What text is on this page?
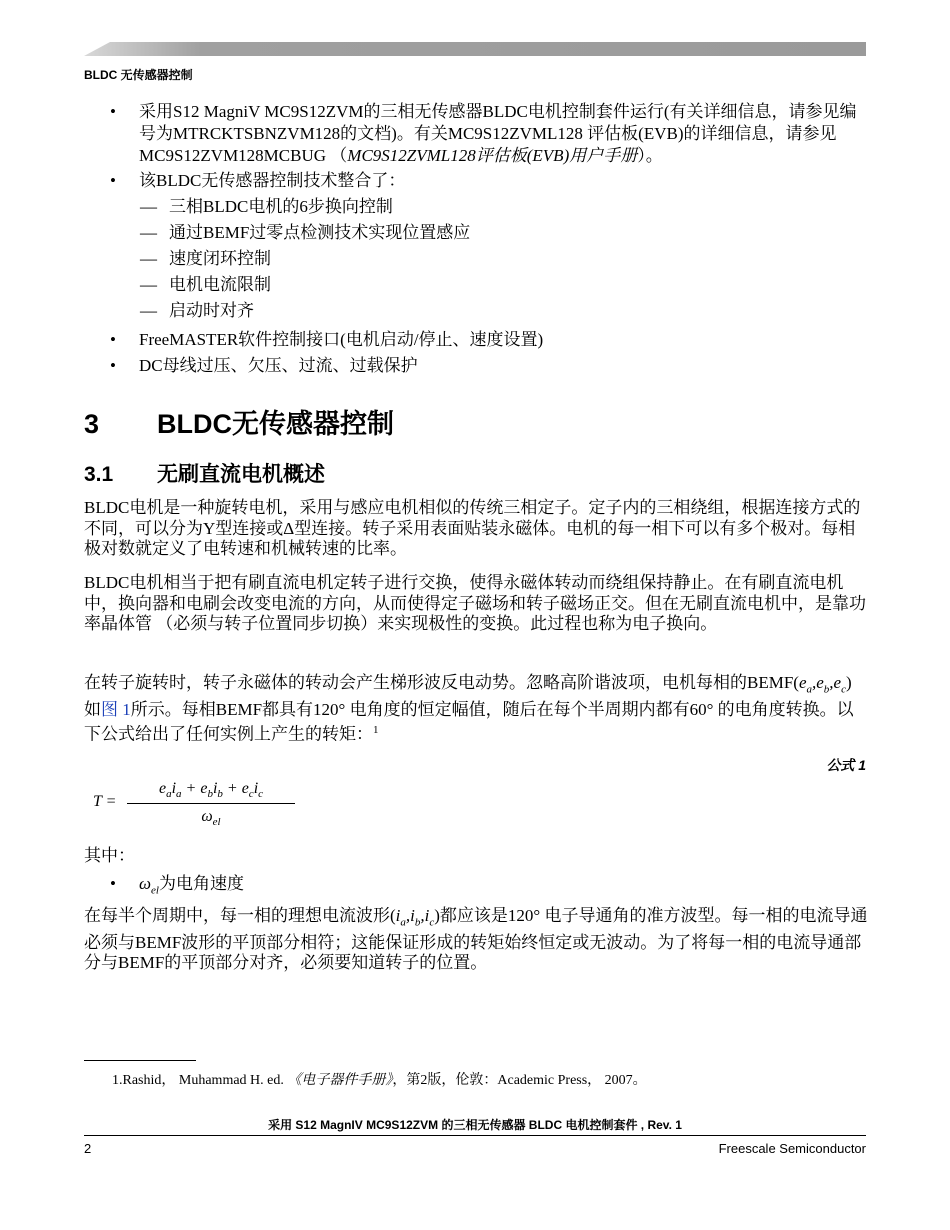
BLDC 无传感器控制
• 采用S12 MagniV MC9S12ZVM的三相无传感器BLDC电机控制套件运行(有关详细信息，请参见编号为MTRCKTSBNZVM128的文档)。有关MC9S12ZVML128 评估板(EVB)的详细信息，请参见MC9S12ZVM128MCBUG （MC9S12ZVML128评估板(EVB)用户手册）。
• 该BLDC无传感器控制技术整合了：
— 三相BLDC电机的6步换向控制
— 通过BEMF过零点检测技术实现位置感应
— 速度闭环控制
— 电机电流限制
— 启动时对齐
• FreeMASTER软件控制接口(电机启动/停止、速度设置)
• DC母线过压、欠压、过流、过载保护
3 BLDC无传感器控制
3.1 无刷直流电机概述

BLDC电机是一种旋转电机，采用与感应电机相似的传统三相定子。定子内的三相绕组，根据连接方式的不同，可以分为Y型连接或Δ型连接。转子采用表面贴装永磁体。电机的每一相下可以有多个极对。每相极对数就定义了电转速和机械转速的比率。

BLDC电机相当于把有刷直流电机定转子进行交换，使得永磁体转动而绕组保持静止。在有刷直流电机中，换向器和电刷会改变电流的方向，从而使得定子磁场和转子磁场正交。但在无刷直流电机中，是靠功率晶体管 （必须与转子位置同步切换）来实现极性的变换。此过程也称为电子换向。

在转子旋转时，转子永磁体的转动会产生梯形波反电动势。忽略高阶谐波项，电机每相的$BEMF(e_a,e_b,e_c)$如图 1所示。每相BEMF都具有120° 电角度的恒定幅值，随后在每个半周期内都有60° 的电角度转换。以下公式给出了任何实例上产生的转矩：$^1$

公式 1
T =
$e_ai_a + e_bi_b + e_ci_c$
$\omega_{el}$

其中：

• $\omega_{el}$为电角速度

在每半个周期中，每一相的理想电流波形$(i_a,i_b,i_c)$都应该是120° 电子导通角的准方波型。每一相的电流导通必须与BEMF波形的平顶部分相符；这能保证形成的转矩始终恒定或无波动。为了将每一相的电流导通部分与BEMF的平顶部分对齐，必须要知道转子的位置。

1.Rashid， Muhammad H. ed. 《电子器件手册》，第2版，伦敦：Academic Press， 2007。
采用 S12 MagnIV MC9S12ZVM 的三相无传感器 BLDC 电机控制套件 , Rev. 1
2	Freescale Semiconductor
